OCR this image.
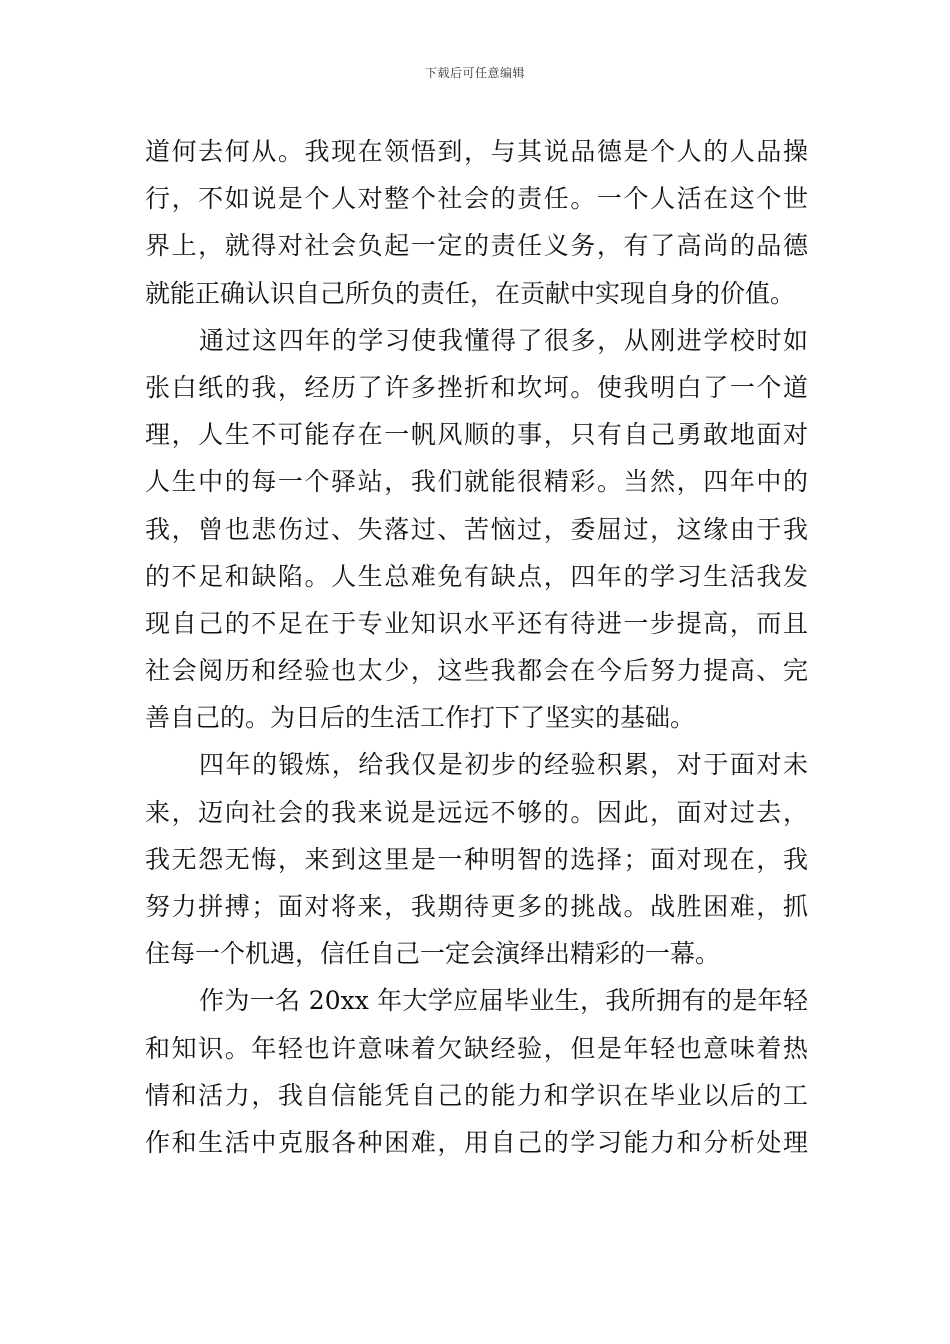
下载后可任意编辑
道何去何从。我现在领悟到，与其说品德是个人的人品操
行，不如说是个人对整个社会的责任。一个人活在这个世
界上，就得对社会负起一定的责任义务，有了高尚的品德
就能正确认识自己所负的责任，在贡献中实现自身的价值。
通过这四年的学习使我懂得了很多，从刚进学校时如
张白纸的我，经历了许多挫折和坎坷。使我明白了一个道
理，人生不可能存在一帆风顺的事，只有自己勇敢地面对
人生中的每一个驿站，我们就能很精彩。当然，四年中的
我，曾也悲伤过、失落过、苦恼过，委屈过，这缘由于我
的不足和缺陷。人生总难免有缺点，四年的学习生活我发
现自己的不足在于专业知识水平还有待进一步提高，而且
社会阅历和经验也太少，这些我都会在今后努力提高、完
善自己的。为日后的生活工作打下了坚实的基础。
四年的锻炼，给我仅是初步的经验积累，对于面对未
来，迈向社会的我来说是远远不够的。因此，面对过去，
我无怨无悔，来到这里是一种明智的选择；面对现在，我
努力拼搏；面对将来，我期待更多的挑战。战胜困难，抓
住每一个机遇，信任自己一定会演绎出精彩的一幕。
作为一名 20xx 年大学应届毕业生，我所拥有的是年轻
和知识。年轻也许意味着欠缺经验，但是年轻也意味着热
情和活力，我自信能凭自己的能力和学识在毕业以后的工
作和生活中克服各种困难，用自己的学习能力和分析处理
